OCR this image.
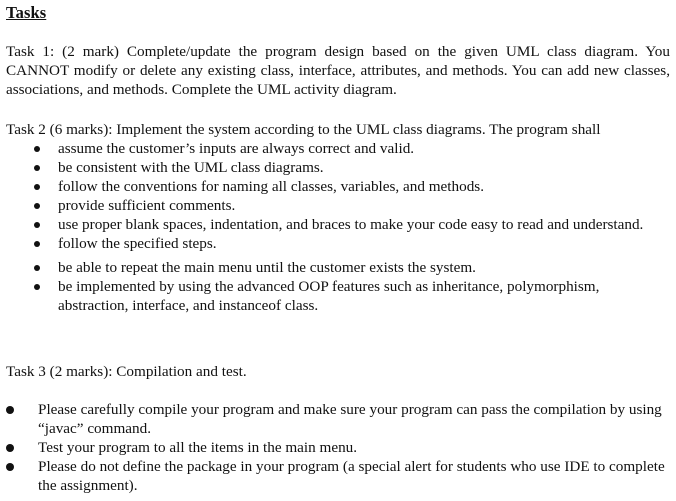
Tasks

Task 1: (2 mark) Complete/update the program design based on the given UML class diagram. You CANNOT modify or delete any existing class, interface, attributes, and methods. You can add new classes, associations, and methods. Complete the UML activity diagram.

Task 2 (6 marks): Implement the system according to the UML class diagrams. The program shall

assume the customer’s inputs are always correct and valid.
be consistent with the UML class diagrams.
follow the conventions for naming all classes, variables, and methods.
provide sufficient comments.
use proper blank spaces, indentation, and braces to make your code easy to read and understand.
follow the specified steps.
be able to repeat the main menu until the customer exists the system.
be implemented by using the advanced OOP features such as inheritance, polymorphism, abstraction, interface, and instanceof class.

Task 3 (2 marks): Compilation and test.

Please carefully compile your program and make sure your program can pass the compilation by using “javac” command.
Test your program to all the items in the main menu.
Please do not define the package in your program (a special alert for students who use IDE to complete the assignment).
